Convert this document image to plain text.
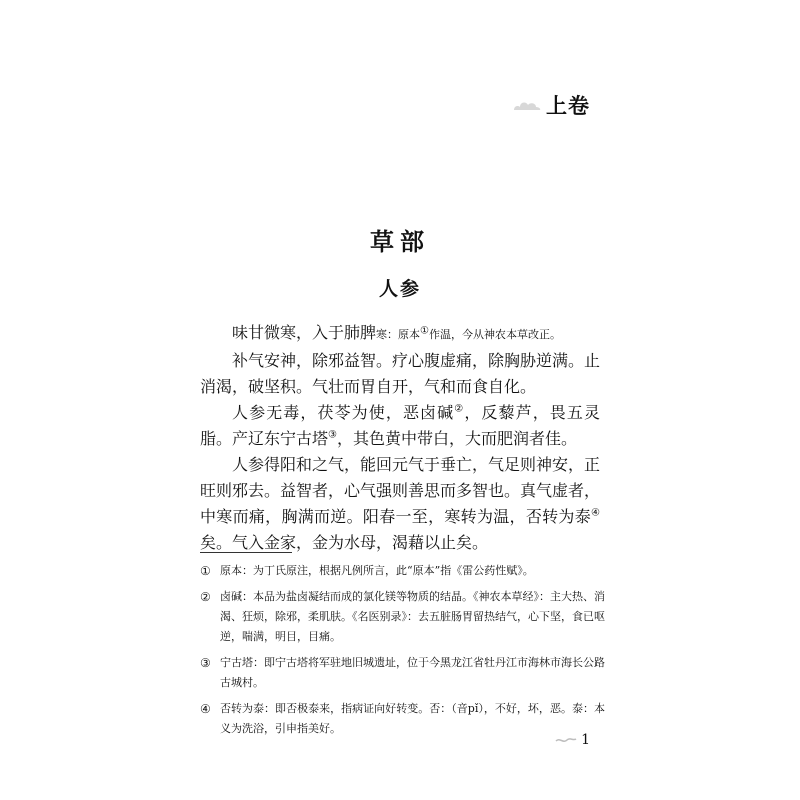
上卷
草部
人参

味甘微寒，入于肺脾寒：原本①作温，今从神农本草改正。

补气安神，除邪益智。疗心腹虚痛，除胸胁逆满。止消渴，破坚积。气壮而胃自开，气和而食自化。

人参无毒，茯苓为使，恶卤碱②，反藜芦，畏五灵脂。产辽东宁古塔③，其色黄中带白，大而肥润者佳。

人参得阳和之气，能回元气于垂亡，气足则神安，正旺则邪去。益智者，心气强则善思而多智也。真气虚者，中寒而痛，胸满而逆。阳春一至，寒转为温，否转为泰④矣。气入金家，金为水母，渴藉以止矣。

① 原本：为丁氏原注，根据凡例所言，此“原本”指《雷公药性赋》。
② 卤碱：本品为盐卤凝结而成的氯化镁等物质的结晶。《神农本草经》：主大热、消渴、狂烦，除邪，柔肌肤。《名医别录》：去五脏肠胃留热结气，心下坚，食已呕逆，喘满，明目，目痛。
③ 宁古塔：即宁古塔将军驻地旧城遗址，位于今黑龙江省牡丹江市海林市海长公路古城村。
④ 否转为泰：即否极泰来，指病证向好转变。否：（音pǐ），不好，坏，恶。泰：本义为洗浴，引申指美好。
1
